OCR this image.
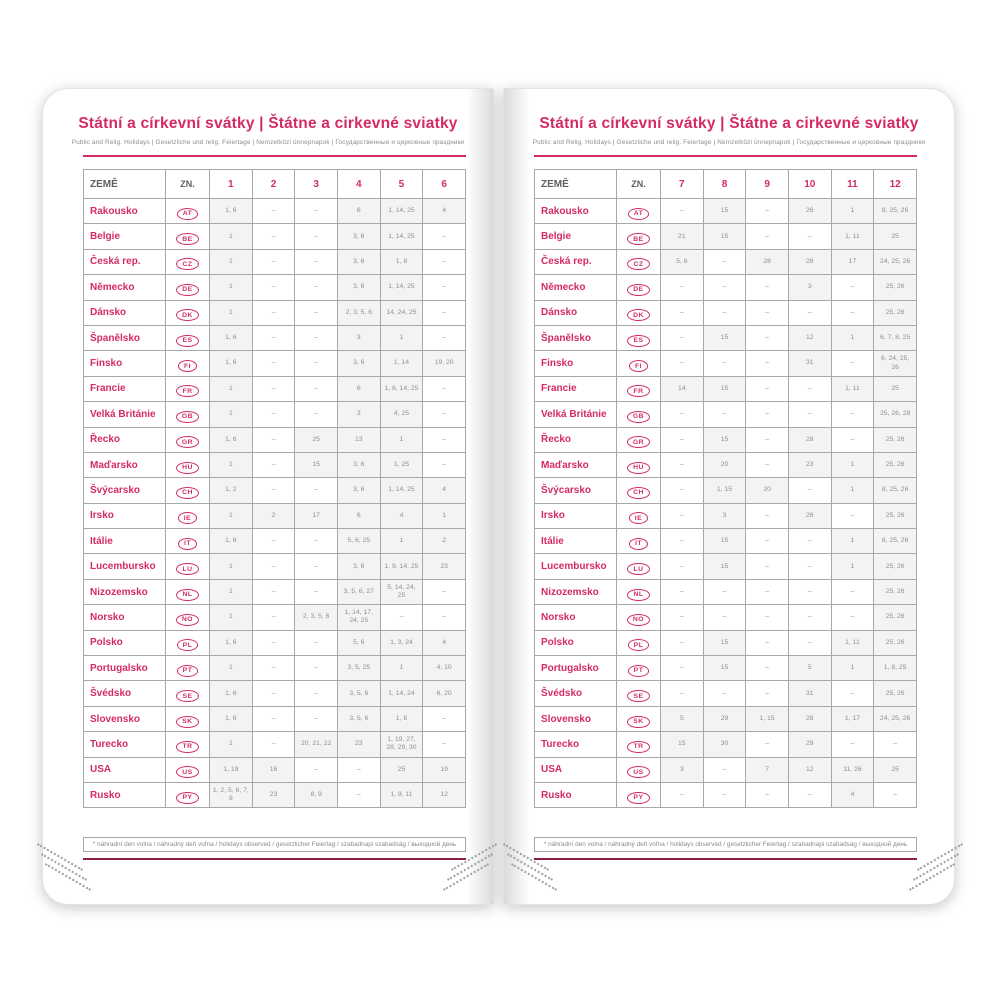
Státní a církevní svátky | Štátne a cirkevné sviatky

Public and Relig. Holidays | Gesetzliche und relig. Feiertage | Nemzetközi ünnepnapok | Государственные и церковные праздники

ZEMĚ	ZN.	1	2	3	4	5	6
Rakousko	AT	1, 6	–	–	6	1, 14, 25	4
Belgie	BE	1	–	–	3, 6	1, 14, 25	–
Česká rep.	CZ	1	–	–	3, 6	1, 8	–
Německo	DE	1	–	–	3, 6	1, 14, 25	–
Dánsko	DK	1	–	–	2, 3, 5, 6	14, 24, 25	–
Španělsko	ES	1, 6	–	–	3	1	–
Finsko	FI	1, 6	–	–	3, 6	1, 14	19, 20
Francie	FR	1	–	–	6	1, 8, 14, 25	–
Velká Británie	GB	1	–	–	3	4, 25	–
Řecko	GR	1, 6	–	25	13	1	–
Maďarsko	HU	1	–	15	3, 6	1, 25	–
Švýcarsko	CH	1, 2	–	–	3, 6	1, 14, 25	4
Irsko	IE	1	2	17	6	4	1
Itálie	IT	1, 6	–	–	5, 6, 25	1	2
Lucembursko	LU	1	–	–	3, 6	1, 9, 14, 25	23
Nizozemsko	NL	1	–	–	3, 5, 6, 27	5, 14, 24, 25	–
Norsko	NO	1	–	2, 3, 5, 6	1, 14, 17, 24, 25	–	–
Polsko	PL	1, 6	–	–	5, 6	1, 3, 24	4
Portugalsko	PT	1	–	–	3, 5, 25	1	4, 10
Švédsko	SE	1, 6	–	–	3, 5, 6	1, 14, 24	6, 20
Slovensko	SK	1, 6	–	–	3, 5, 6	1, 8	–
Turecko	TR	1	–	20, 21, 22	23	1, 19, 27, 28, 29, 30	–
USA	US	1, 19	16	–	–	25	19
Rusko	PY	1, 2, 5, 6, 7, 8	23	8, 9	–	1, 9, 11	12

* náhradní den volna / náhradný deň voľna / holidays observed / gesetzlicher Feiertag / szabadnapi szabadság / выходной день

Státní a církevní svátky | Štátne a cirkevné sviatky

Public and Relig. Holidays | Gesetzliche und relig. Feiertage | Nemzetközi ünnepnapok | Государственные и церковные праздники

ZEMĚ	ZN.	7	8	9	10	11	12
Rakousko	AT	–	15	–	26	1	8, 25, 26
Belgie	BE	21	15	–	–	1, 11	25
Česká rep.	CZ	5, 6	–	28	28	17	24, 25, 26
Německo	DE	–	–	–	3	–	25, 26
Dánsko	DK	–	–	–	–	–	25, 26
Španělsko	ES	–	15	–	12	1	6, 7, 8, 25
Finsko	FI	–	–	–	31	–	6, 24, 25, 26
Francie	FR	14	15	–	–	1, 11	25
Velká Británie	GB	–	–	–	–	–	25, 26, 28
Řecko	GR	–	15	–	28	–	25, 26
Maďarsko	HU	–	20	–	23	1	25, 26
Švýcarsko	CH	–	1, 15	20	–	1	8, 25, 26
Irsko	IE	–	3	–	26	–	25, 26
Itálie	IT	–	15	–	–	1	8, 25, 26
Lucembursko	LU	–	15	–	–	1	25, 26
Nizozemsko	NL	–	–	–	–	–	25, 26
Norsko	NO	–	–	–	–	–	25, 26
Polsko	PL	–	15	–	–	1, 11	25, 26
Portugalsko	PT	–	15	–	5	1	1, 8, 25
Švédsko	SE	–	–	–	31	–	25, 26
Slovensko	SK	5	29	1, 15	28	1, 17	24, 25, 26
Turecko	TR	15	30	–	29	–	–
USA	US	3	–	7	12	11, 26	25
Rusko	PY	–	–	–	–	4	–

* náhradní den volna / náhradný deň voľna / holidays observed / gesetzlicher Feiertag / szabadnapi szabadság / выходной день
